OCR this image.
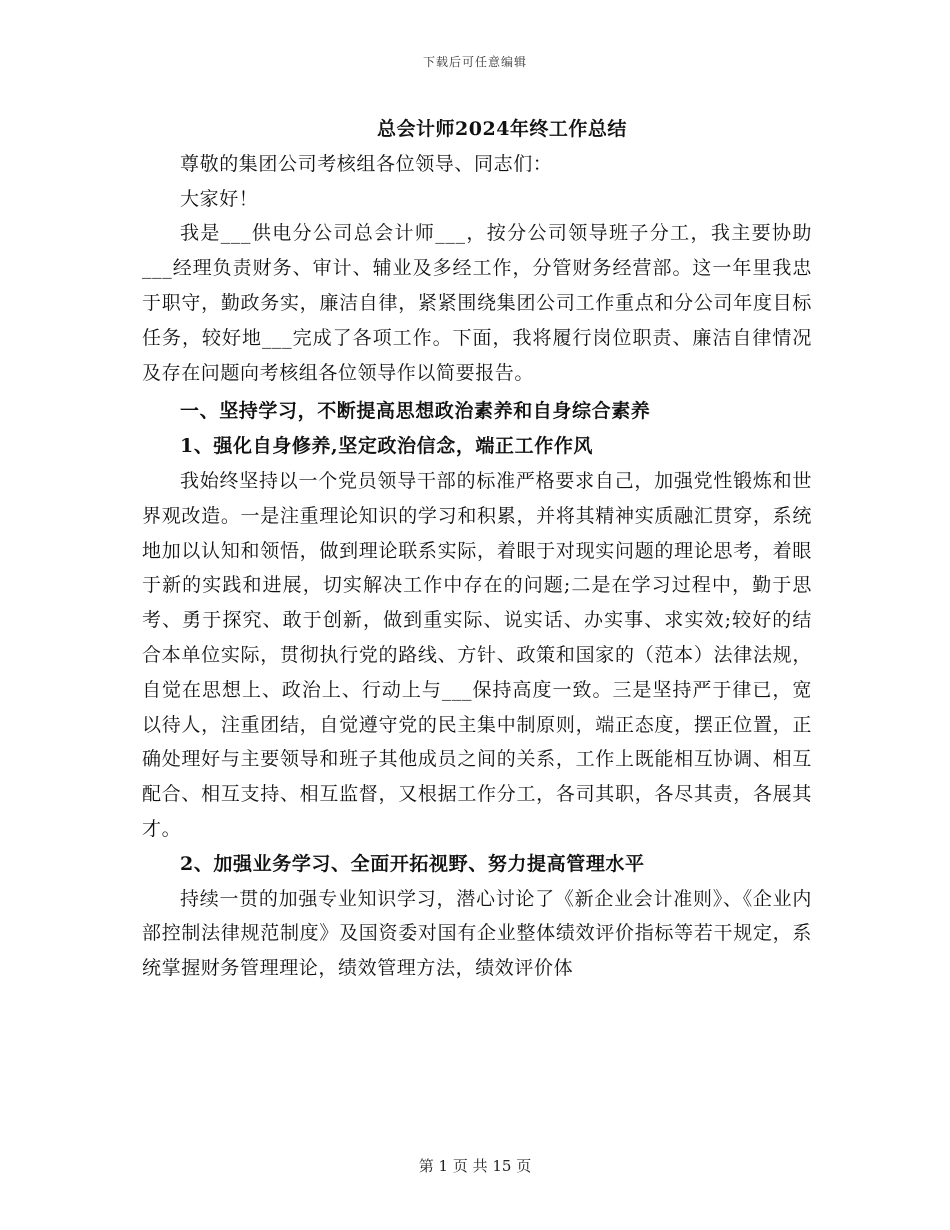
下载后可任意编辑

总会计师2024年终工作总结

尊敬的集团公司考核组各位领导、同志们：

大家好！

我是___供电分公司总会计师___，按分公司领导班子分工，我主要协助___经理负责财务、审计、辅业及多经工作，分管财务经营部。这一年里我忠于职守，勤政务实，廉洁自律，紧紧围绕集团公司工作重点和分公司年度目标任务，较好地___完成了各项工作。下面，我将履行岗位职责、廉洁自律情况及存在问题向考核组各位领导作以简要报告。

一、坚持学习，不断提高思想政治素养和自身综合素养

1、强化自身修养,坚定政治信念，端正工作作风

我始终坚持以一个党员领导干部的标准严格要求自己，加强党性锻炼和世界观改造。一是注重理论知识的学习和积累，并将其精神实质融汇贯穿，系统地加以认知和领悟，做到理论联系实际，着眼于对现实问题的理论思考，着眼于新的实践和进展，切实解决工作中存在的问题;二是在学习过程中，勤于思考、勇于探究、敢于创新，做到重实际、说实话、办实事、求实效;较好的结合本单位实际，贯彻执行党的路线、方针、政策和国家的（范本）法律法规，自觉在思想上、政治上、行动上与___保持高度一致。三是坚持严于律已，宽以待人，注重团结，自觉遵守党的民主集中制原则，端正态度，摆正位置，正确处理好与主要领导和班子其他成员之间的关系，工作上既能相互协调、相互配合、相互支持、相互监督，又根据工作分工，各司其职，各尽其责，各展其才。

2、加强业务学习、全面开拓视野、努力提高管理水平

持续一贯的加强专业知识学习，潜心讨论了《新企业会计准则》、《企业内部控制法律规范制度》及国资委对国有企业整体绩效评价指标等若干规定，系统掌握财务管理理论，绩效管理方法，绩效评价体

第 1 页 共 15 页
